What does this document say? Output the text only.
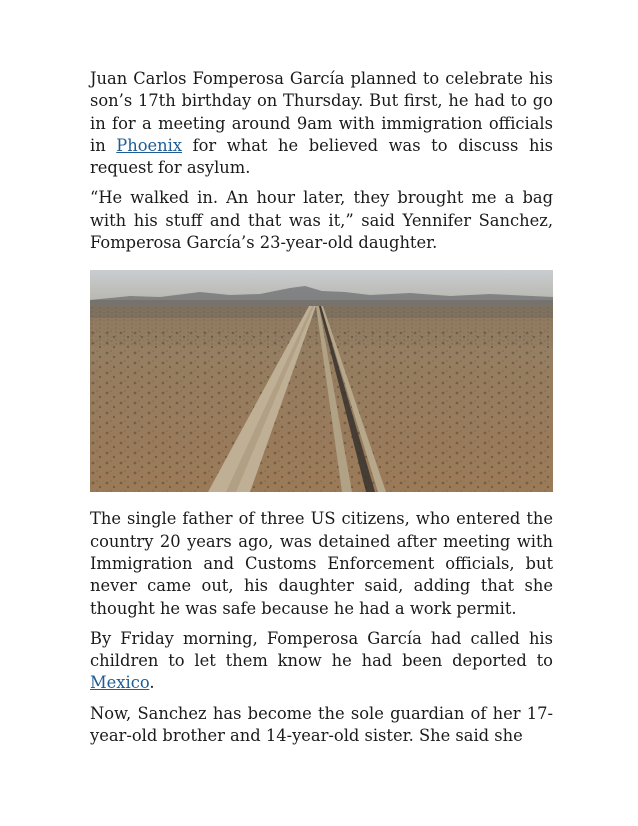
Juan Carlos Fomperosa García planned to celebrate his son’s 17th birthday on Thursday. But first, he had to go in for a meeting around 9am with immigration officials in Phoenix for what he believed was to discuss his request for asylum.

“He walked in. An hour later, they brought me a bag with his stuff and that was it,” said Yennifer Sanchez, Fomperosa García’s 23-year-old daughter.

The single father of three US citizens, who entered the country 20 years ago, was detained after meeting with Immigration and Customs Enforcement officials, but never came out, his daughter said, adding that she thought he was safe because he had a work permit.

By Friday morning, Fomperosa García had called his children to let them know he had been deported to Mexico.

Now, Sanchez has become the sole guardian of her 17-year-old brother and 14-year-old sister. She said she
